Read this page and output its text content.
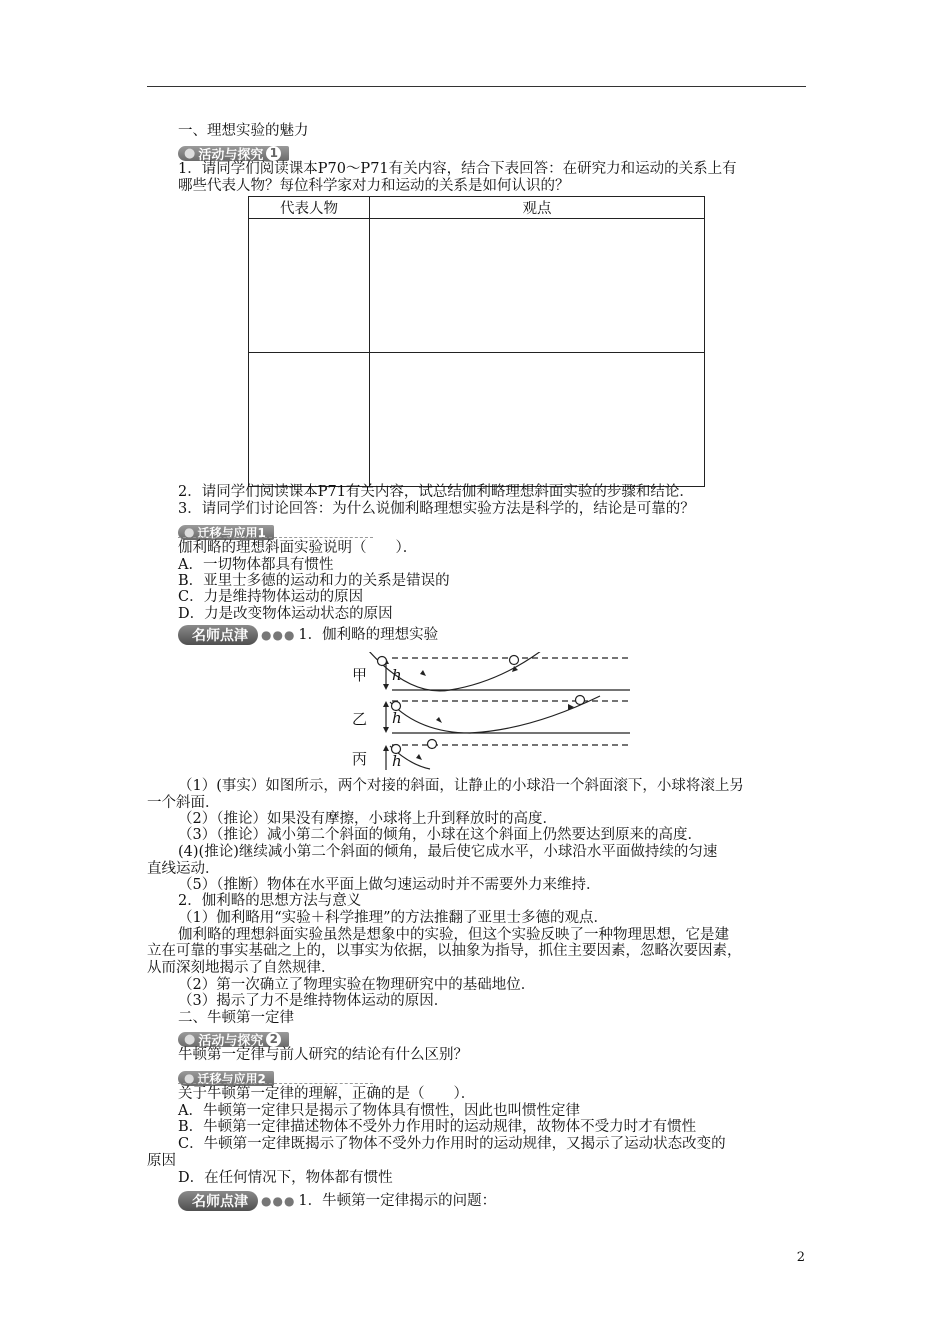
一、理想实验的魅力
● 活动与探究 1
1．请同学们阅读课本P70～P71有关内容，结合下表回答：在研究力和运动的关系上有
哪些代表人物？每位科学家对力和运动的关系是如何认识的？
代表人物	观点

2．请同学们阅读课本P71有关内容，试总结伽利略理想斜面实验的步骤和结论．
3．请同学们讨论回答：为什么说伽利略理想实验方法是科学的，结论是可靠的？
● 迁移与应用1
伽利略的理想斜面实验说明（　　）．
A．一切物体都具有惯性
B．亚里士多德的运动和力的关系是错误的
C．力是维持物体运动的原因
D．力是改变物体运动状态的原因
名师点津	●●● 1．伽利略的理想实验
甲
乙
丙
h
h
h
（1）(事实）如图所示，两个对接的斜面，让静止的小球沿一个斜面滚下，小球将滚上另
一个斜面．
（2）（推论）如果没有摩擦，小球将上升到释放时的高度．
（3）（推论）减小第二个斜面的倾角，小球在这个斜面上仍然要达到原来的高度．
(4)(推论)继续减小第二个斜面的倾角，最后使它成水平，小球沿水平面做持续的匀速
直线运动．
（5）（推断）物体在水平面上做匀速运动时并不需要外力来维持．
2．伽利略的思想方法与意义
（1）伽利略用“实验＋科学推理”的方法推翻了亚里士多德的观点．
伽利略的理想斜面实验虽然是想象中的实验，但这个实验反映了一种物理思想，它是建
立在可靠的事实基础之上的，以事实为依据，以抽象为指导，抓住主要因素，忽略次要因素，
从而深刻地揭示了自然规律．
（2）第一次确立了物理实验在物理研究中的基础地位．
（3）揭示了力不是维持物体运动的原因．
二、牛顿第一定律
● 活动与探究 2
牛顿第一定律与前人研究的结论有什么区别？
● 迁移与应用2
关于牛顿第一定律的理解，正确的是（　　）．
A．牛顿第一定律只是揭示了物体具有惯性，因此也叫惯性定律
B．牛顿第一定律描述物体不受外力作用时的运动规律，故物体不受力时才有惯性
C．牛顿第一定律既揭示了物体不受外力作用时的运动规律，又揭示了运动状态改变的
原因
D．在任何情况下，物体都有惯性
名师点津	●●● 1．牛顿第一定律揭示的问题：
2
